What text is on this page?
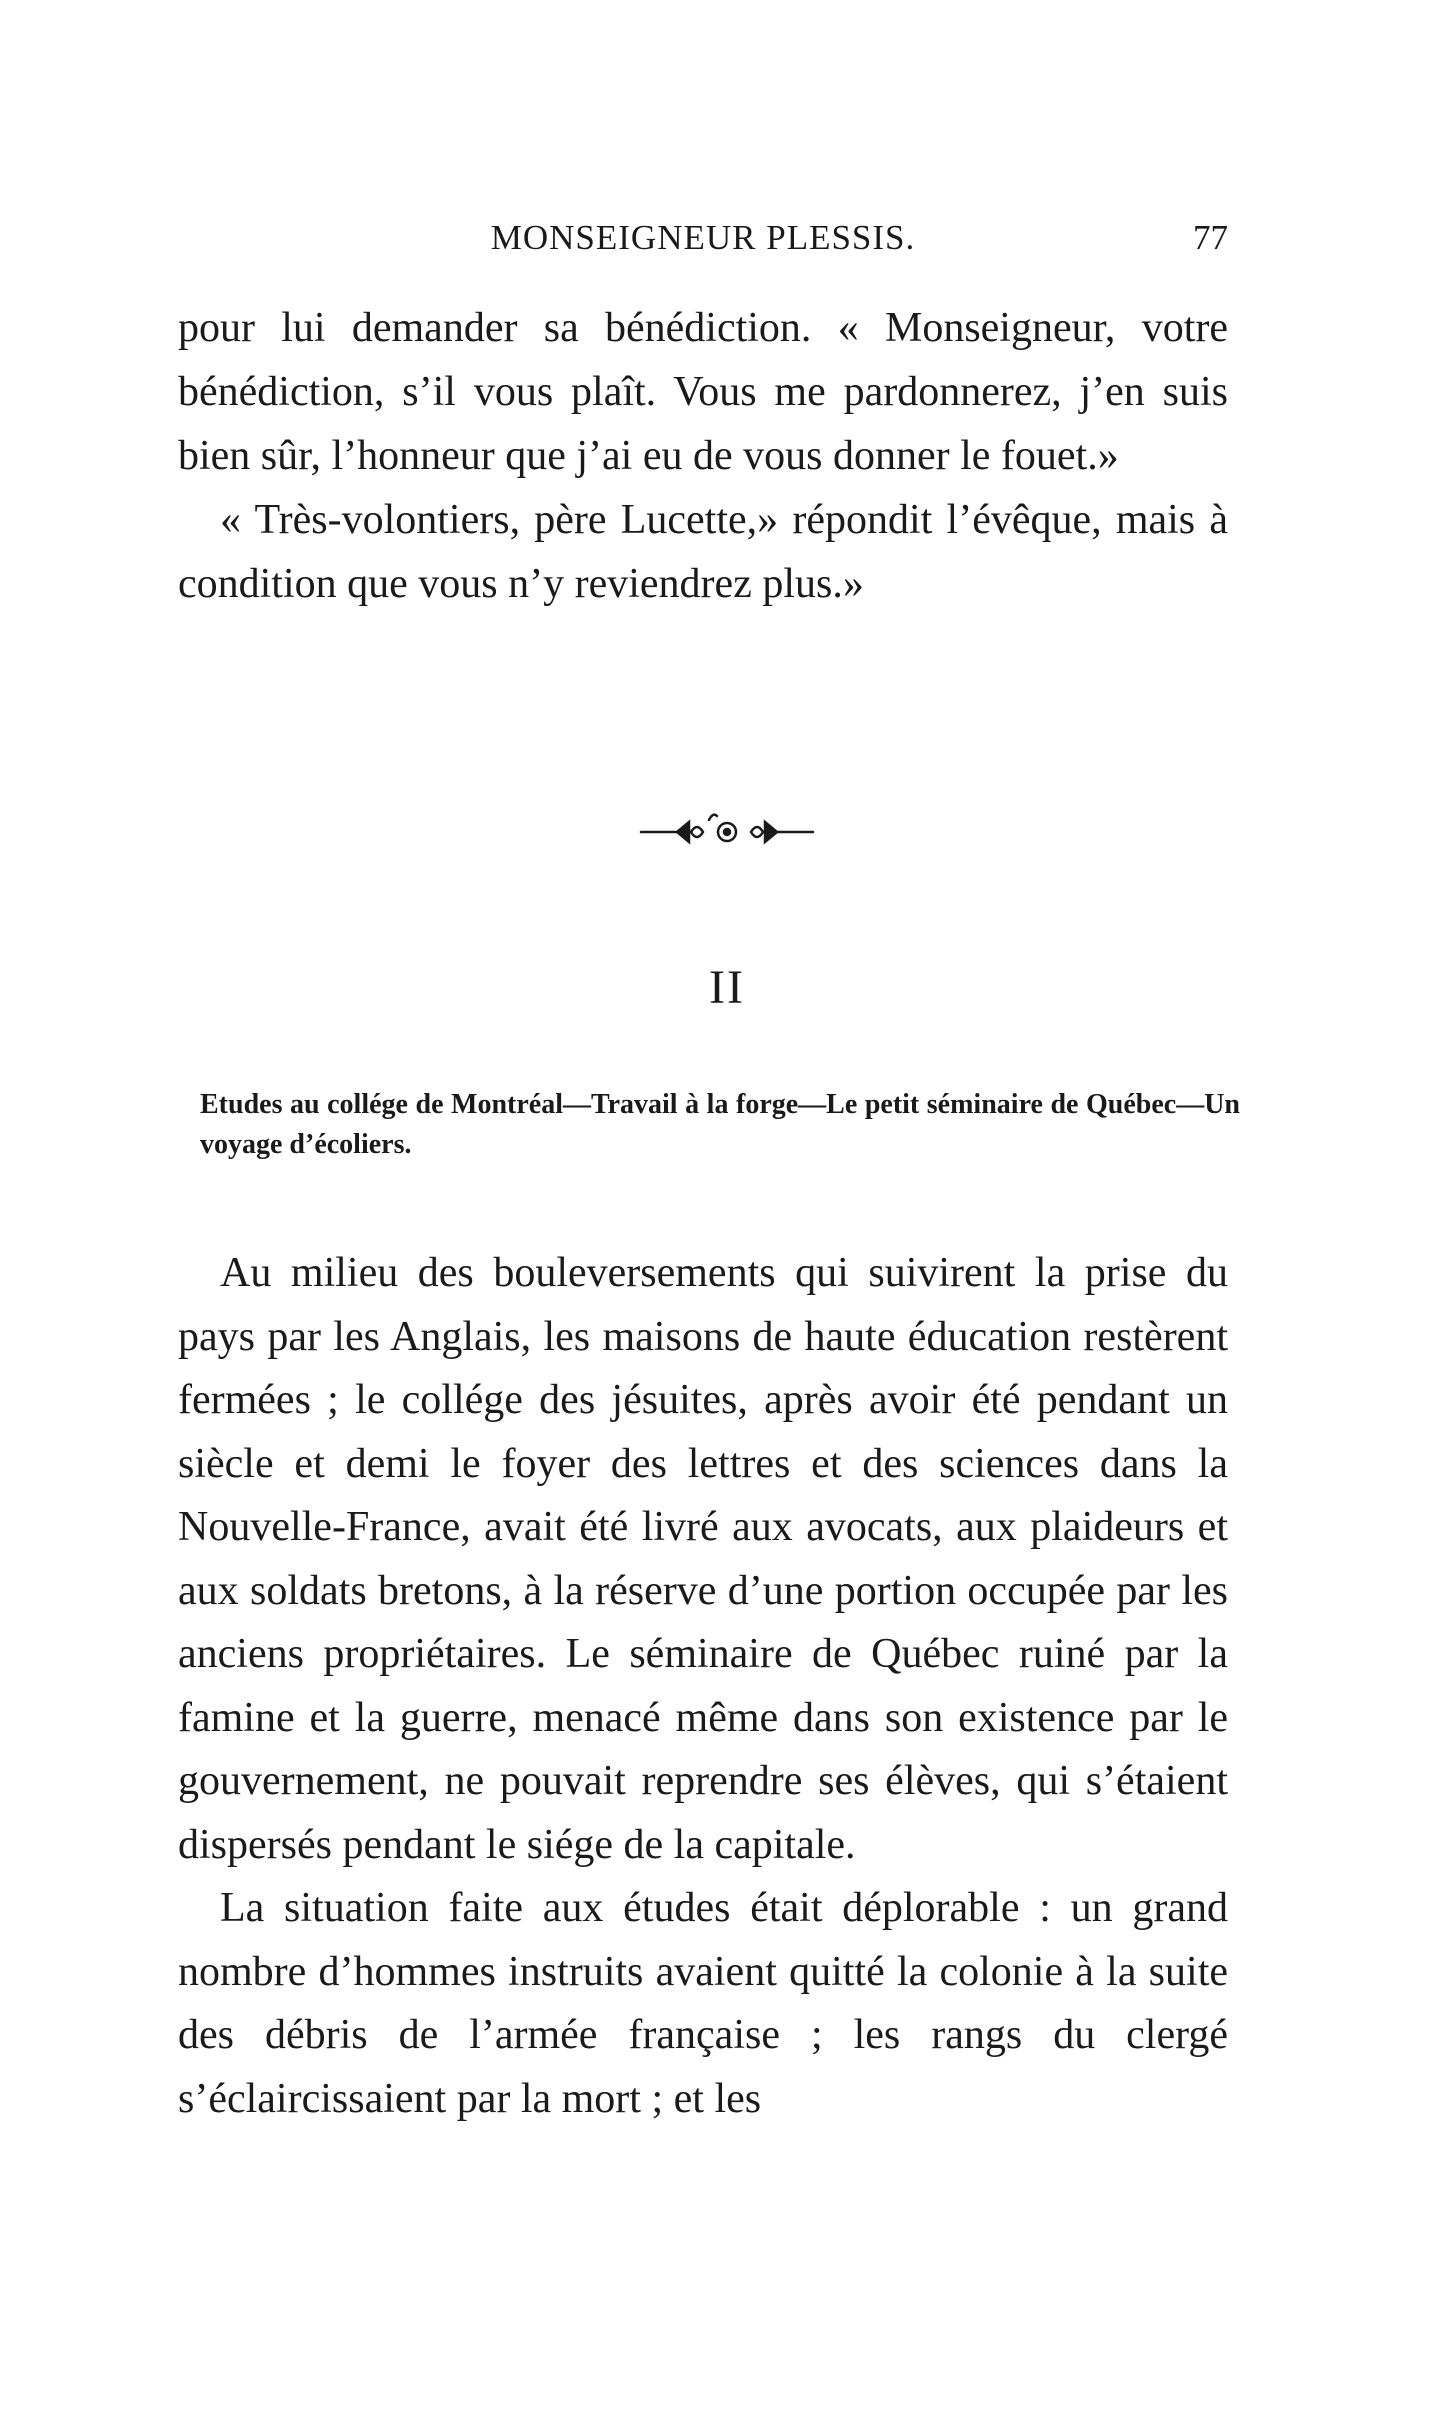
MONSEIGNEUR PLESSIS.	77

pour lui demander sa bénédiction. « Monseigneur, votre bénédiction, s’il vous plaît. Vous me pardonnerez, j’en suis bien sûr, l’honneur que j’ai eu de vous donner le fouet.»

« Très-volontiers, père Lucette,» répondit l’évêque, mais à condition que vous n’y reviendrez plus.»

II

Etudes au collége de Montréal—Travail à la forge—Le petit séminaire de Québec—Un voyage d’écoliers.

Au milieu des bouleversements qui suivirent la prise du pays par les Anglais, les maisons de haute éducation restèrent fermées ; le collége des jésuites, après avoir été pendant un siècle et demi le foyer des lettres et des sciences dans la Nouvelle-France, avait été livré aux avocats, aux plaideurs et aux soldats bretons, à la réserve d’une portion occupée par les anciens propriétaires. Le séminaire de Québec ruiné par la famine et la guerre, menacé même dans son existence par le gouvernement, ne pouvait reprendre ses élèves, qui s’étaient dispersés pendant le siége de la capitale.

La situation faite aux études était déplorable : un grand nombre d’hommes instruits avaient quitté la colonie à la suite des débris de l’armée française ; les rangs du clergé s’éclaircissaient par la mort ; et les
